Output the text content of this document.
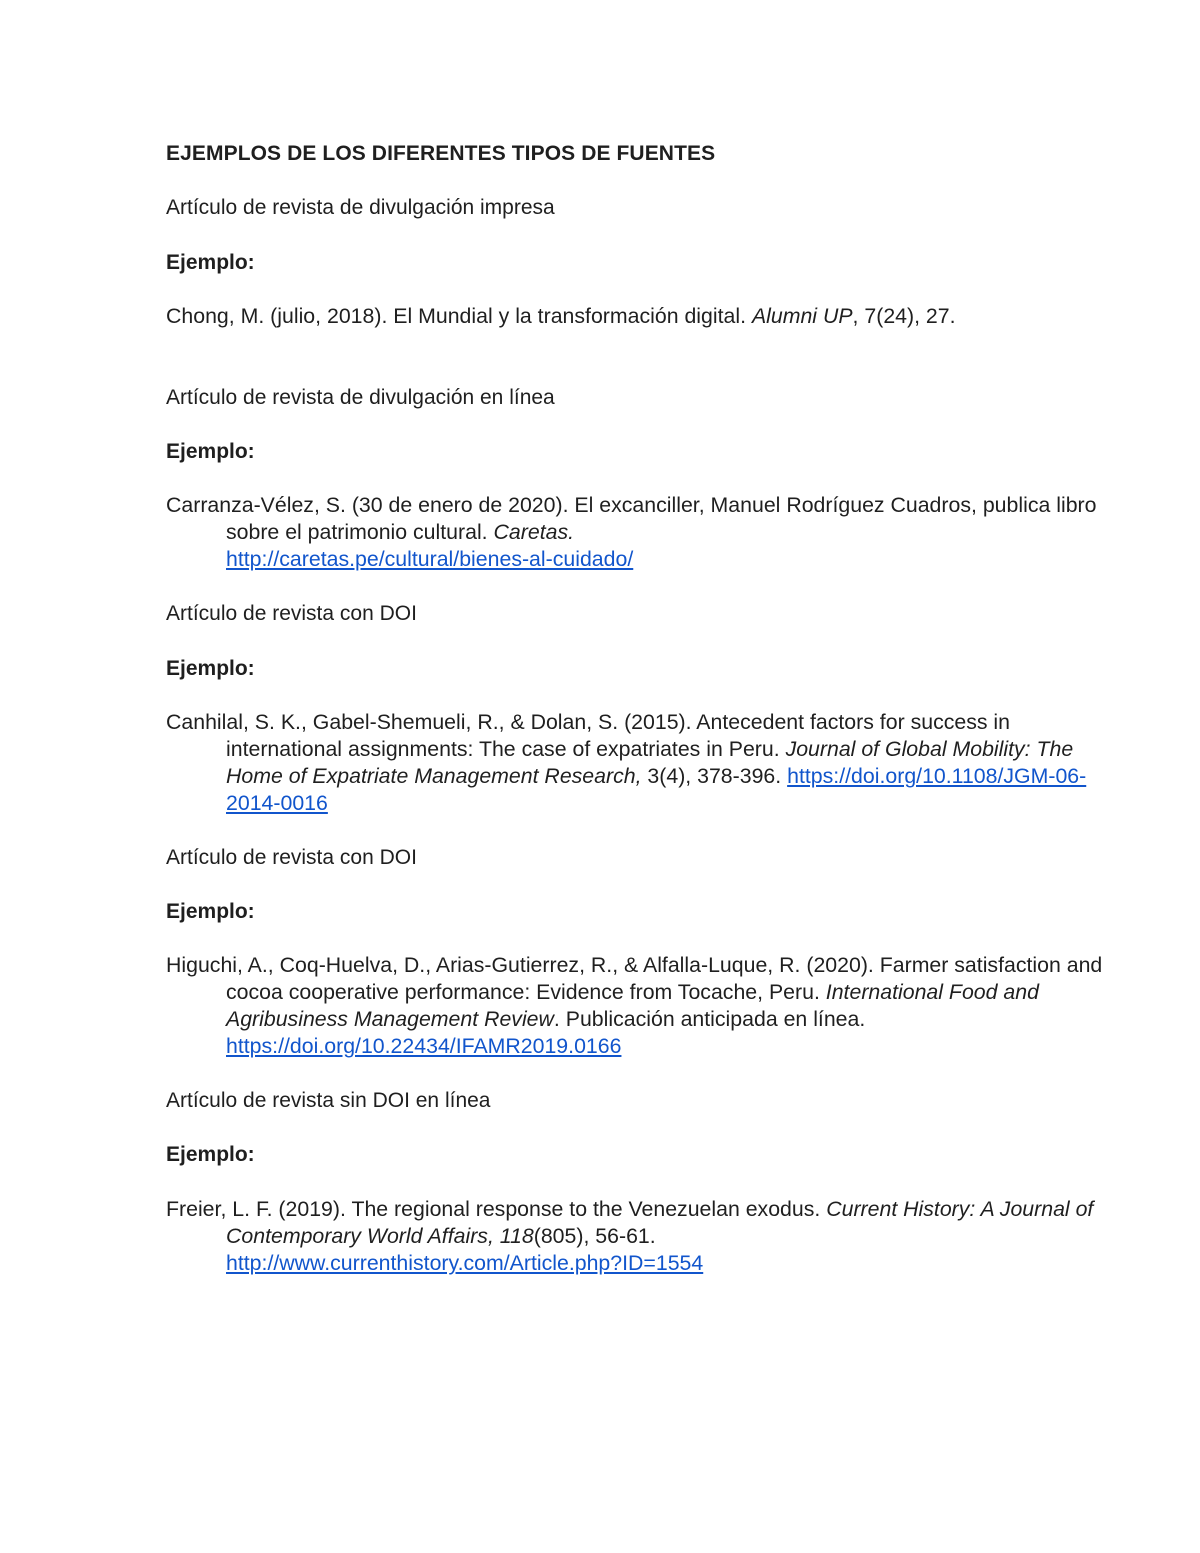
EJEMPLOS DE LOS DIFERENTES TIPOS DE FUENTES

Artículo de revista de divulgación impresa

Ejemplo:

Chong, M. (julio, 2018). El Mundial y la transformación digital. Alumni UP, 7(24), 27.

Artículo de revista de divulgación en línea

Ejemplo:

Carranza-Vélez, S. (30 de enero de 2020). El excanciller, Manuel Rodríguez Cuadros, publica libro sobre el patrimonio cultural. Caretas.
http://caretas.pe/cultural/bienes-al-cuidado/

Artículo de revista con DOI

Ejemplo:

Canhilal, S. K., Gabel-Shemueli, R., & Dolan, S. (2015). Antecedent factors for success in international assignments: The case of expatriates in Peru. Journal of Global Mobility: The Home of Expatriate Management Research, 3(4), 378-396. https://doi.org/10.1108/JGM-06-2014-0016

Artículo de revista con DOI

Ejemplo:

Higuchi, A., Coq-Huelva, D., Arias-Gutierrez, R., & Alfalla-Luque, R. (2020). Farmer satisfaction and cocoa cooperative performance: Evidence from Tocache, Peru. International Food and Agribusiness Management Review. Publicación anticipada en línea. https://doi.org/10.22434/IFAMR2019.0166

Artículo de revista sin DOI en línea

Ejemplo:

Freier, L. F. (2019). The regional response to the Venezuelan exodus. Current History: A Journal of Contemporary World Affairs, 118(805), 56-61.
http://www.currenthistory.com/Article.php?ID=1554
